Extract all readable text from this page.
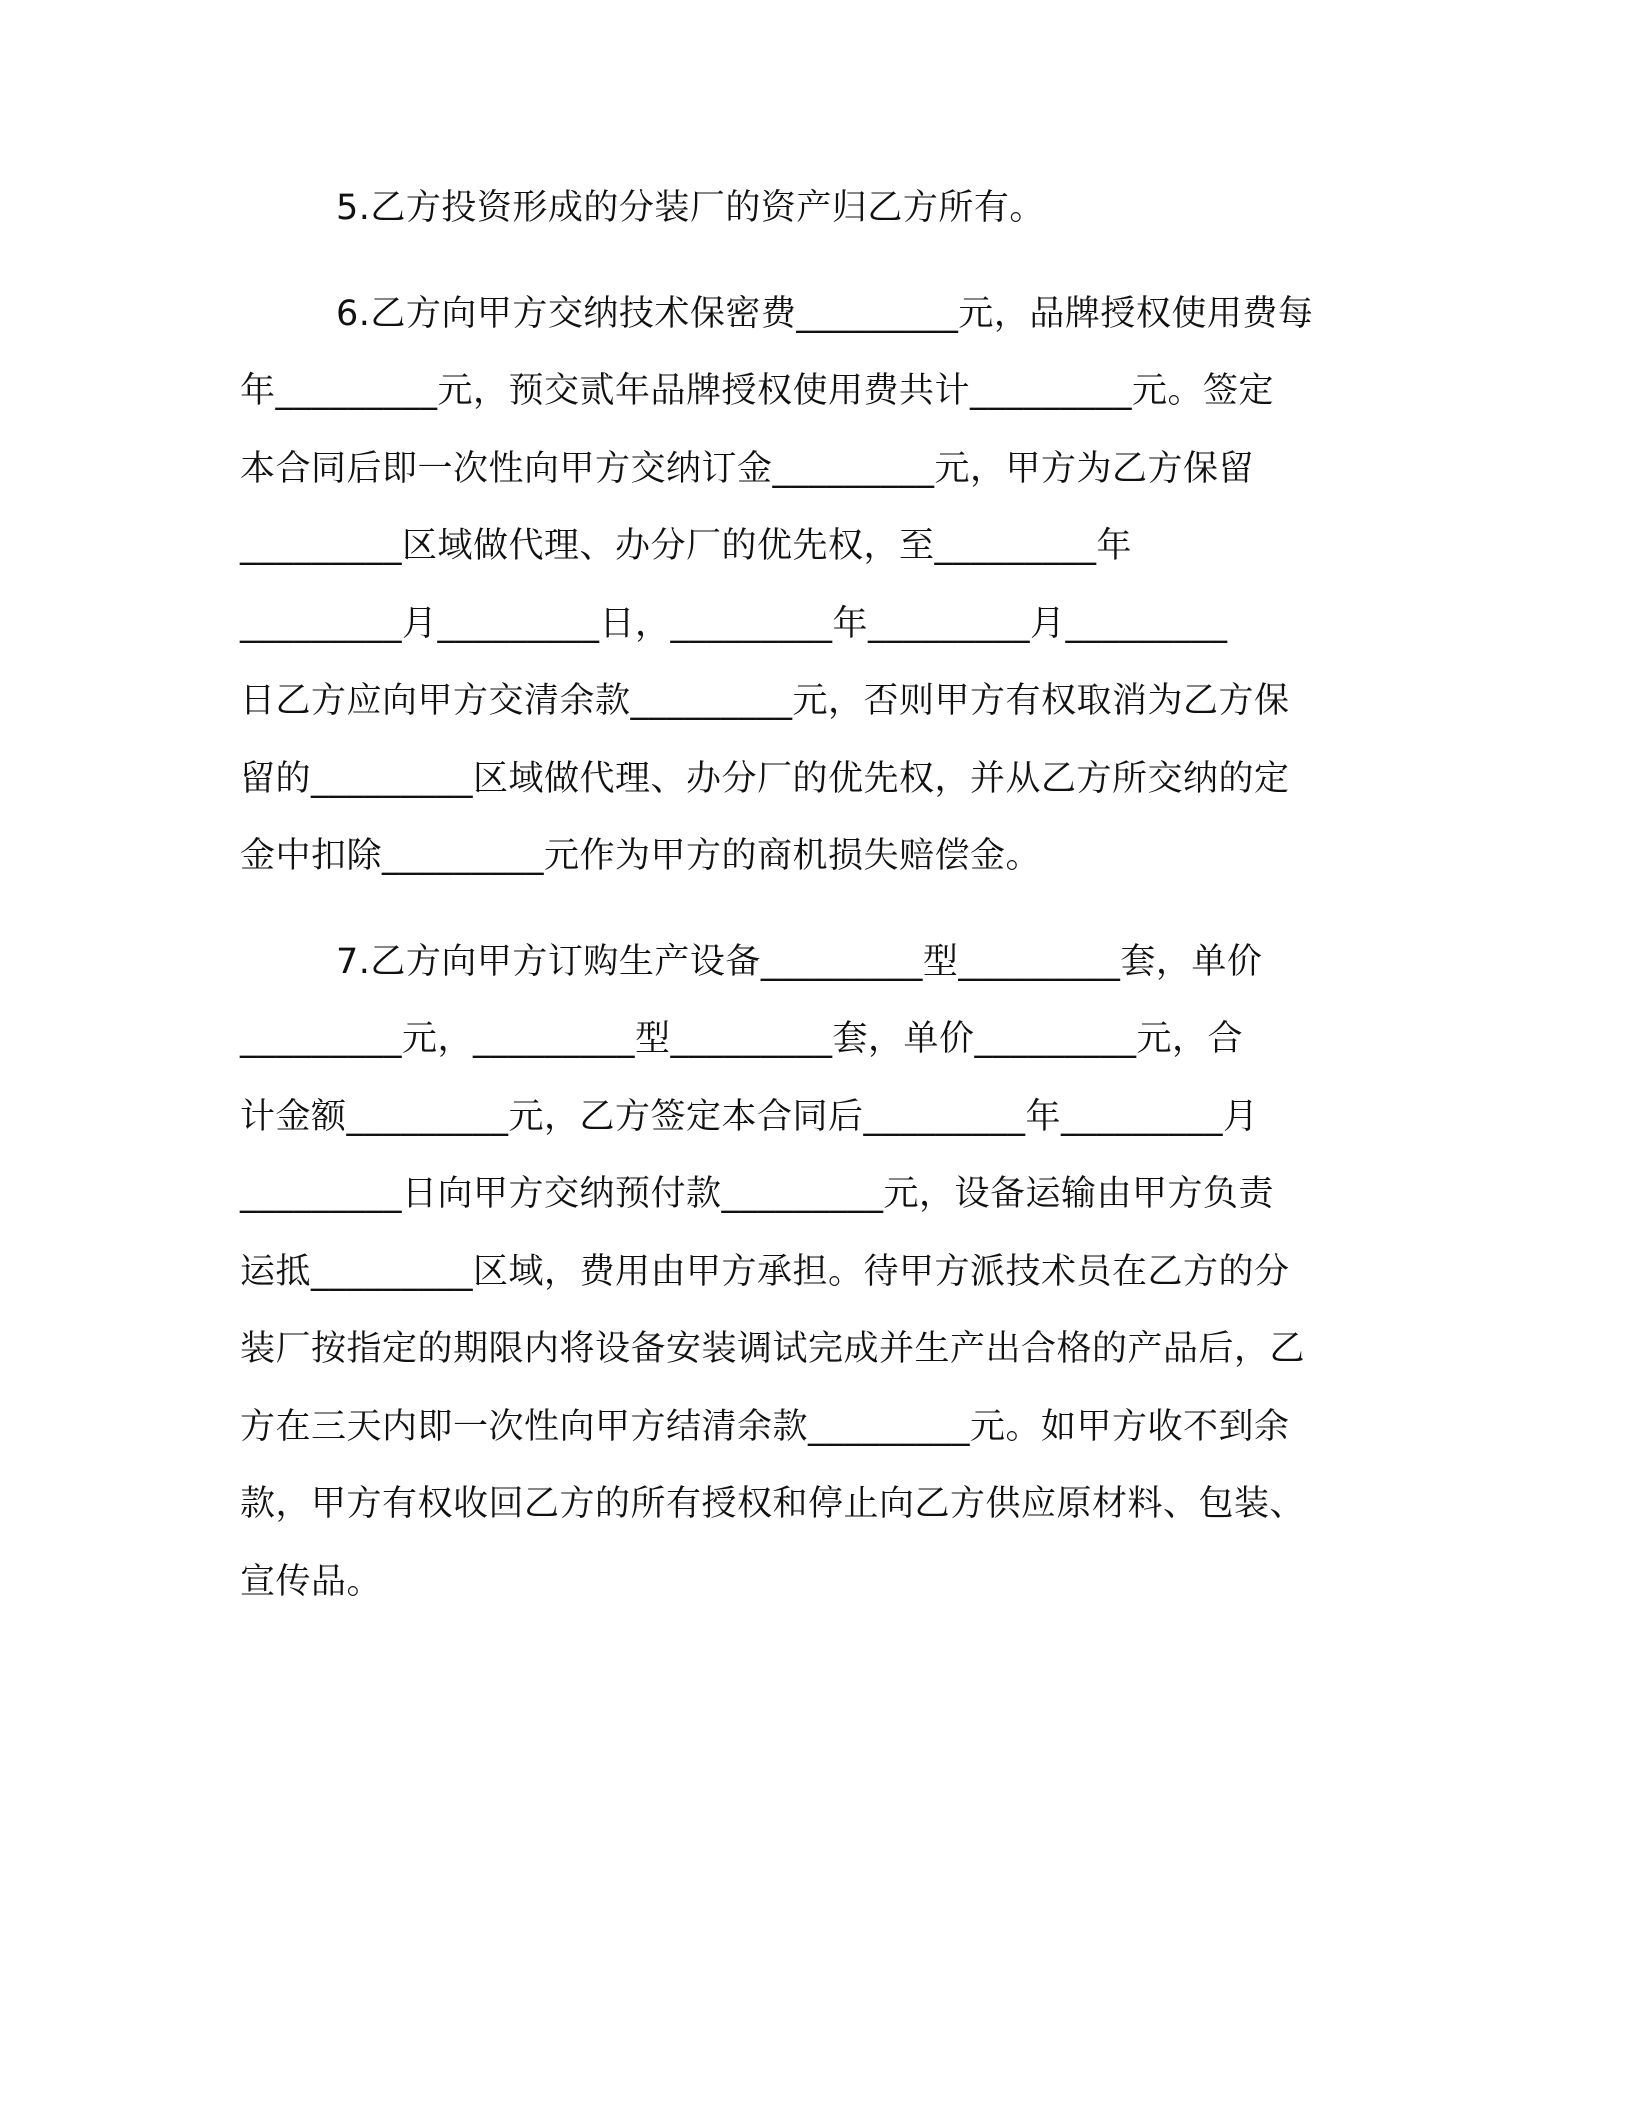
5.乙方投资形成的分装厂的资产归乙方所有。
6.乙方向甲方交纳技术保密费_________元，品牌授权使用费每
年_________元，预交贰年品牌授权使用费共计_________元。签定
本合同后即一次性向甲方交纳订金_________元，甲方为乙方保留
_________区域做代理、办分厂的优先权，至_________年
_________月_________日，_________年_________月_________
日乙方应向甲方交清余款_________元，否则甲方有权取消为乙方保
留的_________区域做代理、办分厂的优先权，并从乙方所交纳的定
金中扣除_________元作为甲方的商机损失赔偿金。
7.乙方向甲方订购生产设备_________型_________套，单价
_________元，_________型_________套，单价_________元，合
计金额_________元，乙方签定本合同后_________年_________月
_________日向甲方交纳预付款_________元，设备运输由甲方负责
运抵_________区域，费用由甲方承担。待甲方派技术员在乙方的分
装厂按指定的期限内将设备安装调试完成并生产出合格的产品后，乙
方在三天内即一次性向甲方结清余款_________元。如甲方收不到余
款，甲方有权收回乙方的所有授权和停止向乙方供应原材料、包装、
宣传品。
